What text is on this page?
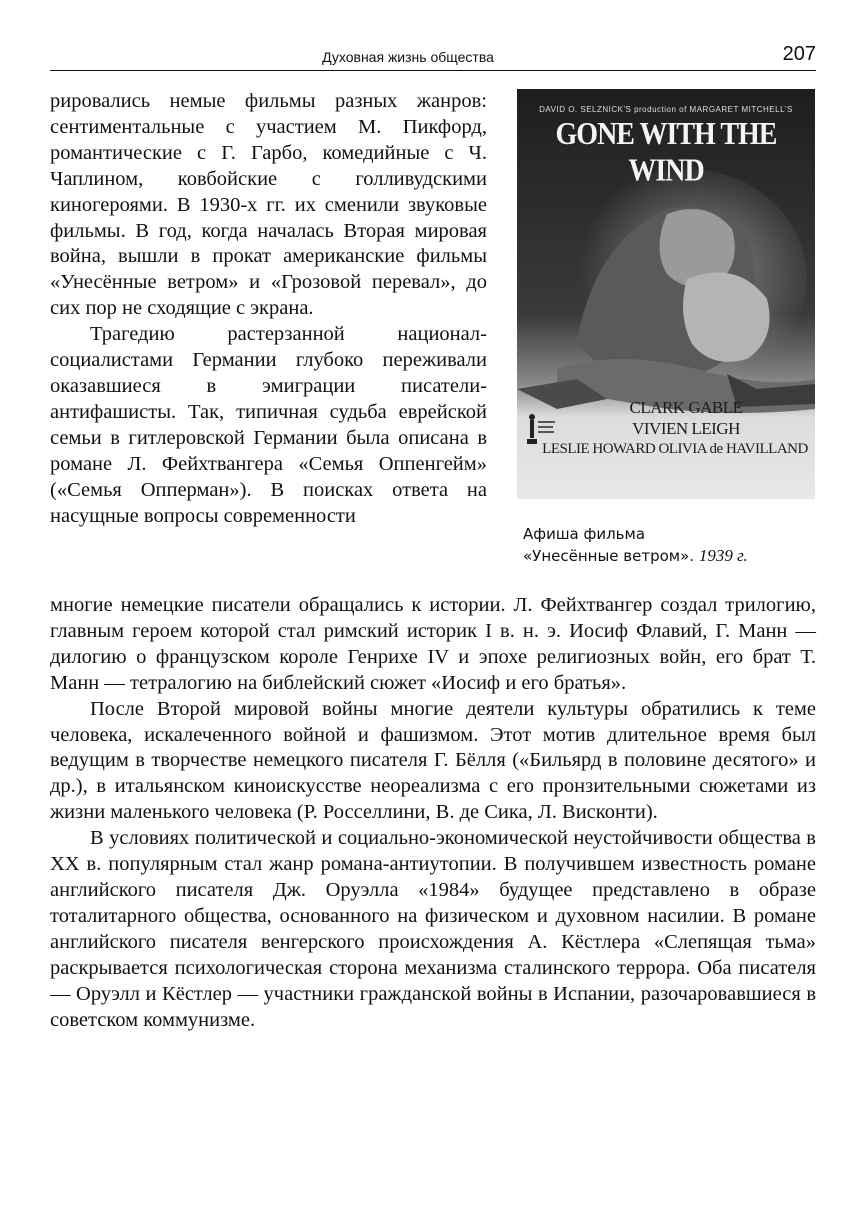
Духовная жизнь общества	207
DAVID O. SELZNICK'S production of MARGARET MITCHELL'S
GONE WITH THE WIND
CLARK GABLE
VIVIEN LEIGH
LESLIE HOWARD OLIVIA de HAVILLAND
Афиша фильма
«Унесённые ветром». 1939 г.

рировались немые фильмы разных жанров: сентиментальные с участием М. Пикфорд, романтические с Г. Гарбо, комедийные с Ч. Чаплином, ковбойские с голливудскими киногероями. В 1930-х гг. их сменили звуковые фильмы. В год, когда началась Вторая мировая война, вышли в прокат американские фильмы «Унесённые ветром» и «Грозовой перевал», до сих пор не сходящие с экрана.

Трагедию растерзанной национал-социалистами Германии глубоко переживали оказавшиеся в эмиграции писатели-антифашисты. Так, типичная судьба еврейской семьи в гитлеровской Германии была описана в романе Л. Фейхтвангера «Семья Оппенгейм» («Семья Опперман»). В поисках ответа на насущные вопросы современности

многие немецкие писатели обращались к истории. Л. Фейхтвангер создал трилогию, главным героем которой стал римский историк I в. н. э. Иосиф Флавий, Г. Манн — дилогию о французском короле Генрихе IV и эпохе религиозных войн, его брат Т. Манн — тетралогию на библейский сюжет «Иосиф и его братья».

После Второй мировой войны многие деятели культуры обратились к теме человека, искалеченного войной и фашизмом. Этот мотив длительное время был ведущим в творчестве немецкого писателя Г. Бёлля («Бильярд в половине десятого» и др.), в итальянском киноискусстве неореализма с его пронзительными сюжетами из жизни маленького человека (Р. Росселлини, В. де Сика, Л. Висконти).

В условиях политической и социально-экономической неустойчивости общества в XX в. популярным стал жанр романа-антиутопии. В получившем известность романе английского писателя Дж. Оруэлла «1984» будущее представлено в образе тоталитарного общества, основанного на физическом и духовном насилии. В романе английского писателя венгерского происхождения А. Кёстлера «Слепящая тьма» раскрывается психологическая сторона механизма сталинского террора. Оба писателя — Оруэлл и Кёстлер — участники гражданской войны в Испании, разочаровавшиеся в советском коммунизме.
